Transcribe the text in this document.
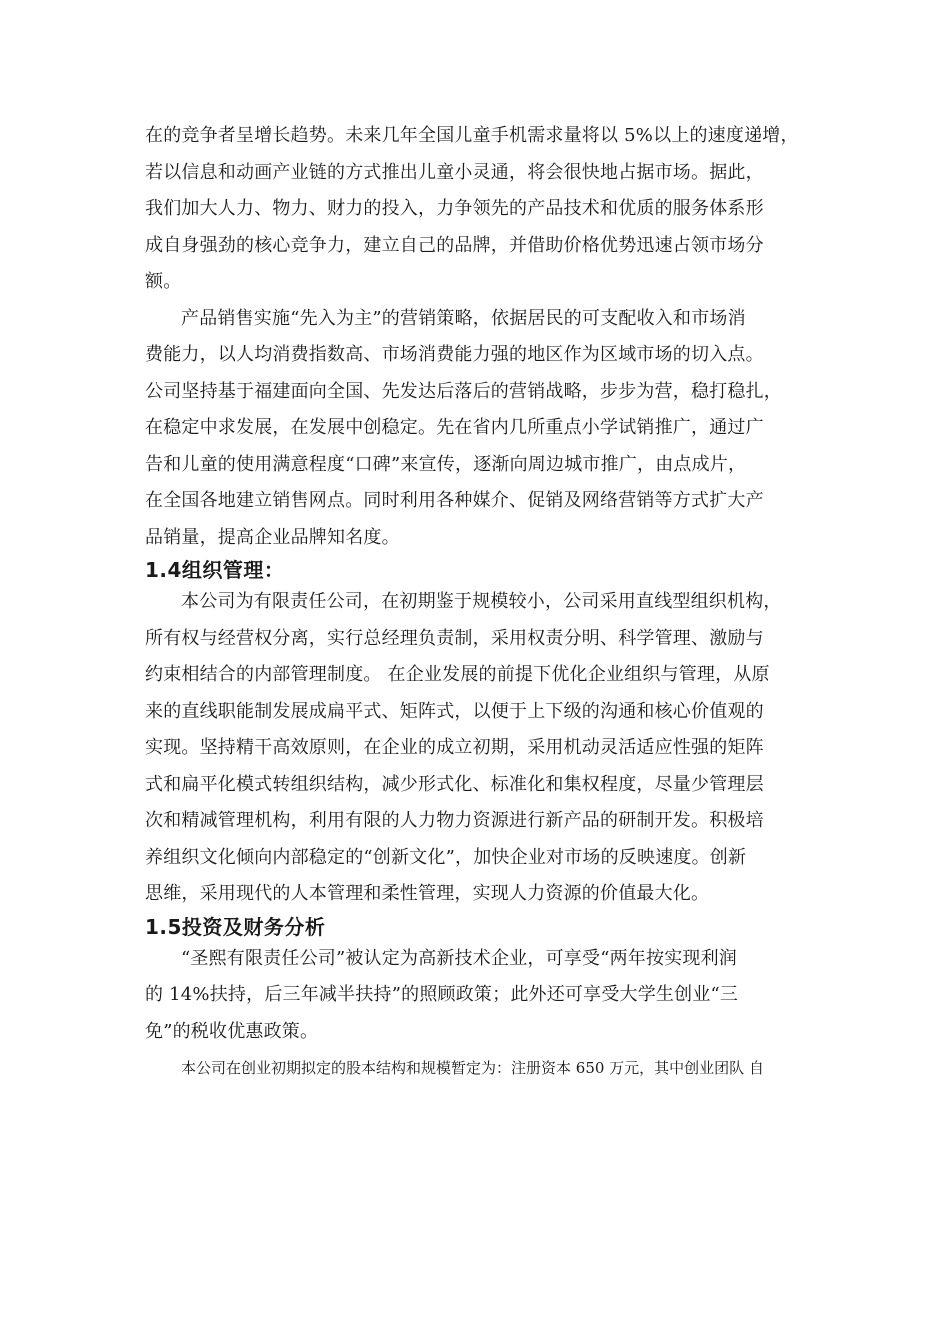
在的竞争者呈增长趋势。未来几年全国儿童手机需求量将以 5%以上的速度递增，
若以信息和动画产业链的方式推出儿童小灵通，将会很快地占据市场。据此，
我们加大人力、物力、财力的投入，力争领先的产品技术和优质的服务体系形
成自身强劲的核心竞争力，建立自己的品牌，并借助价格优势迅速占领市场分
额。

产品销售实施“先入为主”的营销策略，依据居民的可支配收入和市场消
费能力，以人均消费指数高、市场消费能力强的地区作为区域市场的切入点。
公司坚持基于福建面向全国、先发达后落后的营销战略，步步为营，稳打稳扎，
在稳定中求发展，在发展中创稳定。先在省内几所重点小学试销推广，通过广
告和儿童的使用满意程度“口碑”来宣传，逐渐向周边城市推广，由点成片，
在全国各地建立销售网点。同时利用各种媒介、促销及网络营销等方式扩大产
品销量，提高企业品牌知名度。

1.4组织管理：

本公司为有限责任公司，在初期鉴于规模较小，公司采用直线型组织机构，
所有权与经营权分离，实行总经理负责制，采用权责分明、科学管理、激励与
约束相结合的内部管理制度。 在企业发展的前提下优化企业组织与管理，从原
来的直线职能制发展成扁平式、矩阵式，以便于上下级的沟通和核心价值观的
实现。坚持精干高效原则，在企业的成立初期，采用机动灵活适应性强的矩阵
式和扁平化模式转组织结构，减少形式化、标准化和集权程度，尽量少管理层
次和精减管理机构，利用有限的人力物力资源进行新产品的研制开发。积极培
养组织文化倾向内部稳定的“创新文化”，加快企业对市场的反映速度。创新
思维，采用现代的人本管理和柔性管理，实现人力资源的价值最大化。

1.5投资及财务分析

“圣熙有限责任公司”被认定为高新技术企业，可享受“两年按实现利润
的 14%扶持，后三年减半扶持”的照顾政策；此外还可享受大学生创业“三
免”的税收优惠政策。

本公司在创业初期拟定的股本结构和规模暂定为：注册资本 650 万元，其中创业团队 自
